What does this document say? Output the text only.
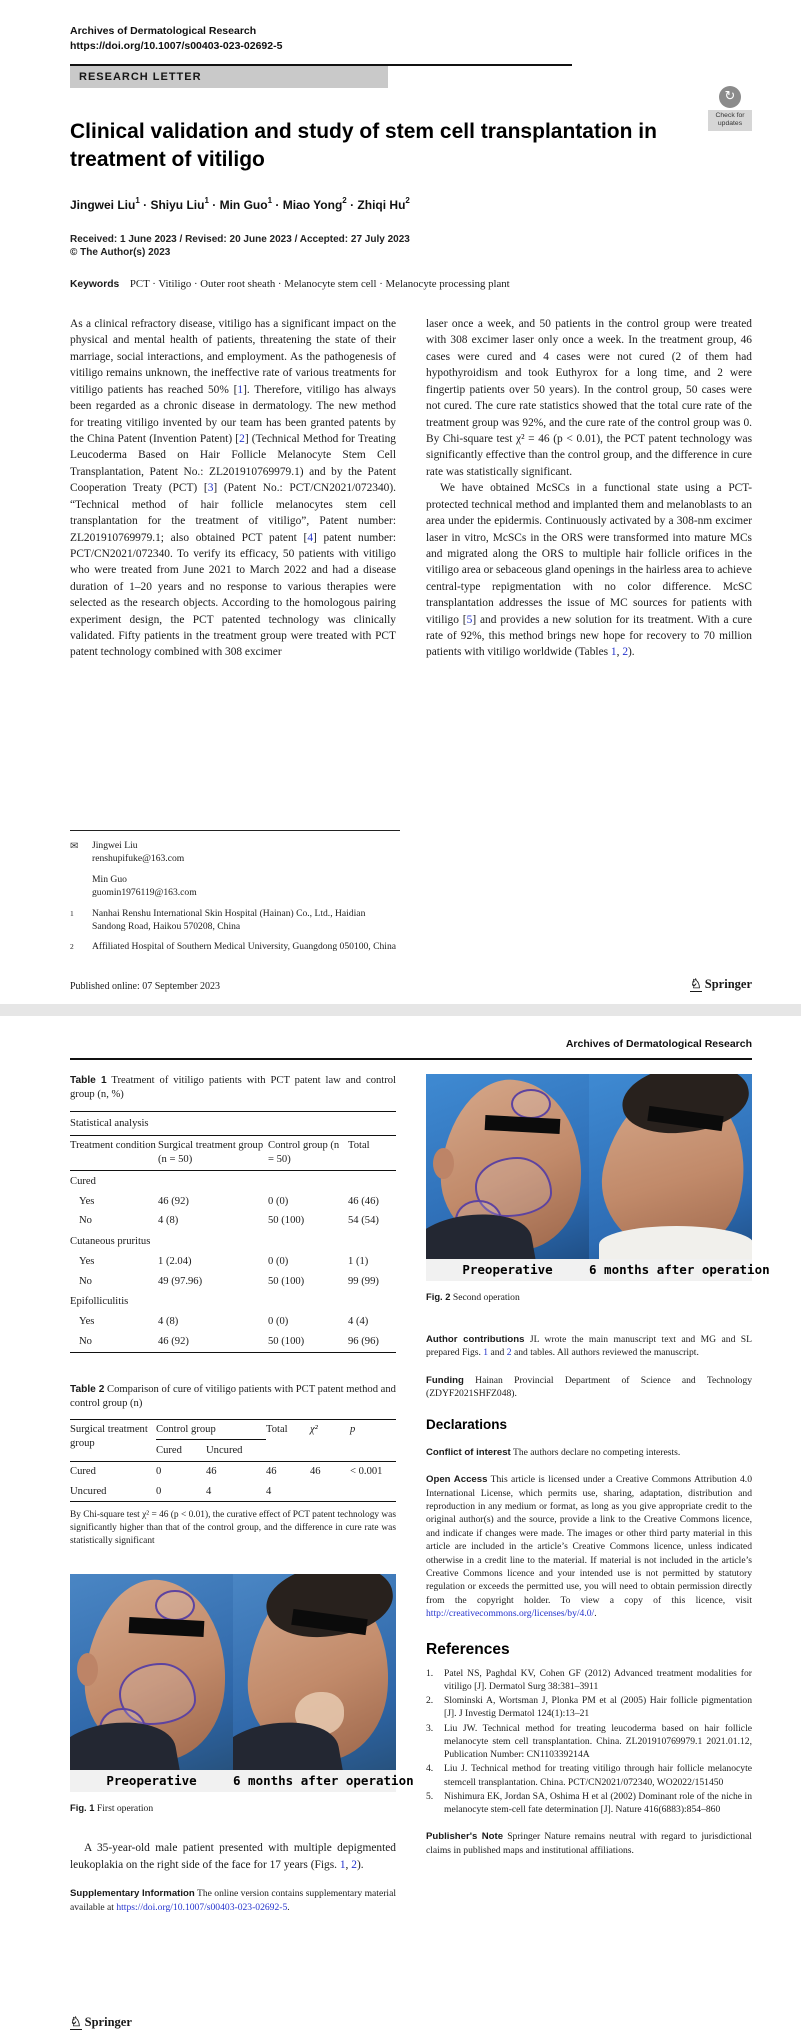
Archives of Dermatological Research
https://doi.org/10.1007/s00403-023-02692-5
RESEARCH LETTER
↻
Check for updates
Clinical validation and study of stem cell transplantation in treatment of vitiligo
Jingwei Liu$^1$ · Shiyu Liu$^1$ · Min Guo$^1$ · Miao Yong$^2$ · Zhiqi Hu$^2$
Received: 1 June 2023 / Revised: 20 June 2023 / Accepted: 27 July 2023
© The Author(s) 2023
Keywords PCT · Vitiligo · Outer root sheath · Melanocyte stem cell · Melanocyte processing plant

As a clinical refractory disease, vitiligo has a significant impact on the physical and mental health of patients, threatening the state of their marriage, social interactions, and employment. As the pathogenesis of vitiligo remains unknown, the ineffective rate of various treatments for vitiligo patients has reached 50% [1]. Therefore, vitiligo has always been regarded as a chronic disease in dermatology. The new method for treating vitiligo invented by our team has been granted patents by the China Patent (Invention Patent) [2] (Technical Method for Treating Leucoderma Based on Hair Follicle Melanocyte Stem Cell Transplantation, Patent No.: ZL201910769979.1) and by the Patent Cooperation Treaty (PCT) [3] (Patent No.: PCT/CN2021/072340). “Technical method of hair follicle melanocytes stem cell transplantation for the treatment of vitiligo”, Patent number: ZL201910769979.1; also obtained PCT patent [4] patent number: PCT/CN2021/072340. To verify its efficacy, 50 patients with vitiligo who were treated from June 2021 to March 2022 and had a disease duration of 1–20 years and no response to various therapies were selected as the research objects. According to the homologous pairing experiment design, the PCT patented technology was clinically validated. Fifty patients in the treatment group were treated with PCT patent technology combined with 308 excimer

laser once a week, and 50 patients in the control group were treated with 308 excimer laser only once a week. In the treatment group, 46 cases were cured and 4 cases were not cured (2 of them had hypothyroidism and took Euthyrox for a long time, and 2 were fingertip patients over 50 years). In the control group, 50 cases were not cured. The cure rate statistics showed that the total cure rate of the treatment group was 92%, and the cure rate of the control group was 0. By Chi-square test χ² = 46 (p < 0.01), the PCT patent technology was significantly effective than the control group, and the difference in cure rate was statistically significant.

We have obtained McSCs in a functional state using a PCT-protected technical method and implanted them and melanoblasts to an area under the epidermis. Continuously activated by a 308-nm excimer laser in vitro, McSCs in the ORS were transformed into mature MCs and migrated along the ORS to multiple hair follicle orifices in the vitiligo area or sebaceous gland openings in the hairless area to achieve central-type repigmentation with no color difference. McSC transplantation addresses the issue of MC sources for patients with vitiligo [5] and provides a new solution for its treatment. With a cure rate of 92%, this method brings new hope for recovery to 70 million patients with vitiligo worldwide (Tables 1, 2).

✉	Jingwei Liu
renshupifuke@163.com
Min Guo
guomin1976119@163.com
1	Nanhai Renshu International Skin Hospital (Hainan) Co., Ltd., Haidian Sandong Road, Haikou 570208, China
2	Affiliated Hospital of Southern Medical University, Guangdong 050100, China
Published online: 07 September 2023	♘ Springer
Archives of Dermatological Research
Table 1 Treatment of vitiligo patients with PCT patent law and control group (n, %)
Statistical analysis			
Treatment condition	Surgical treatment group (n = 50)	Control group (n = 50)	Total
Cured			
Yes	46 (92)	0 (0)	46 (46)
No	4 (8)	50 (100)	54 (54)
Cutaneous pruritus			
Yes	1 (2.04)	0 (0)	1 (1)
No	49 (97.96)	50 (100)	99 (99)
Epifolliculitis			
Yes	4 (8)	0 (0)	4 (4)
No	46 (92)	50 (100)	96 (96)
Table 2 Comparison of cure of vitiligo patients with PCT patent method and control group (n)
Surgical treatment group	Control group		Total	χ²	p
	Cured	Uncured			
Cured	0	46	46	46	< 0.001
Uncured	0	4	4		
By Chi-square test χ² = 46 (p < 0.01), the curative effect of PCT patent technology was significantly higher than that of the control group, and the difference in cure rate was statistically significant
Preoperative	6 months after operation
Fig. 1 First operation

A 35-year-old male patient presented with multiple depigmented leukoplakia on the right side of the face for 17 years (Figs. 1, 2).

Supplementary Information The online version contains supplementary material available at https://doi.org/10.1007/s00403-023-02692-5.
Preoperative	6 months after operation
Fig. 2 Second operation
Author contributions JL wrote the main manuscript text and MG and SL prepared Figs. 1 and 2 and tables. All authors reviewed the manuscript.
Funding Hainan Provincial Department of Science and Technology (ZDYF2021SHFZ048).
Declarations
Conflict of interest The authors declare no competing interests.
Open Access This article is licensed under a Creative Commons Attribution 4.0 International License, which permits use, sharing, adaptation, distribution and reproduction in any medium or format, as long as you give appropriate credit to the original author(s) and the source, provide a link to the Creative Commons licence, and indicate if changes were made. The images or other third party material in this article are included in the article’s Creative Commons licence, unless indicated otherwise in a credit line to the material. If material is not included in the article’s Creative Commons licence and your intended use is not permitted by statutory regulation or exceeds the permitted use, you will need to obtain permission directly from the copyright holder. To view a copy of this licence, visit http://creativecommons.org/licenses/by/4.0/.
References
1.	Patel NS, Paghdal KV, Cohen GF (2012) Advanced treatment modalities for vitiligo [J]. Dermatol Surg 38:381–3911
2.	Slominski A, Wortsman J, Plonka PM et al (2005) Hair follicle pigmentation [J]. J Investig Dermatol 124(1):13–21
3.	Liu JW. Technical method for treating leucoderma based on hair follicle melanocyte stem cell transplantation. China. ZL201910769979.1 2021.01.12, Publication Number: CN110339214A
4.	Liu J. Technical method for treating vitiligo through hair follicle melanocyte stemcell transplantation. China. PCT/CN2021/072340, WO2022/151450
5.	Nishimura EK, Jordan SA, Oshima H et al (2002) Dominant role of the niche in melanocyte stem-cell fate determination [J]. Nature 416(6883):854–860
Publisher's Note Springer Nature remains neutral with regard to jurisdictional claims in published maps and institutional affiliations.
♘ Springer
